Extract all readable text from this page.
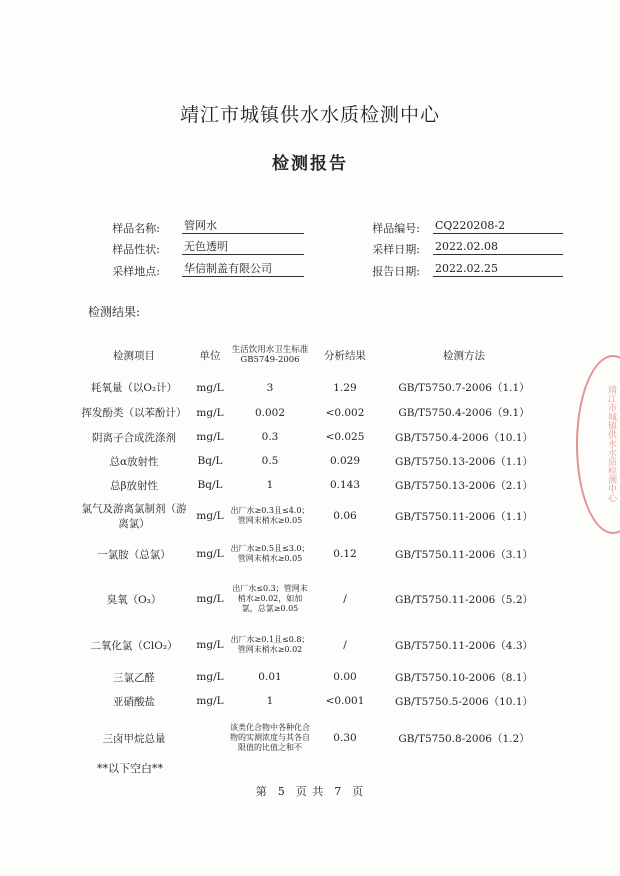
靖江市城镇供水水质检测中心
检测报告
样品名称: 管网水	样品编号: CQ220208-2
样品性状: 无色透明	采样日期: 2022.02.08
采样地点: 华信制盖有限公司	报告日期: 2022.02.25
检测结果:
检测项目	单位	生活饮用水卫生标准GB5749-2006	分析结果	检测方法
耗氧量（以O₂计）	mg/L	3	1.29	GB/T5750.7-2006（1.1）
挥发酚类（以苯酚计）	mg/L	0.002	<0.002	GB/T5750.4-2006（9.1）
阴离子合成洗涤剂	mg/L	0.3	<0.025	GB/T5750.4-2006（10.1）
总α放射性	Bq/L	0.5	0.029	GB/T5750.13-2006（1.1）
总β放射性	Bq/L	1	0.143	GB/T5750.13-2006（2.1）
氯气及游离氯制剂（游离氯）	mg/L	出厂水≥0.3且≤4.0；管网末梢水≥0.05	0.06	GB/T5750.11-2006（1.1）
一氯胺（总氯）	mg/L	出厂水≥0.5且≤3.0；管网末梢水≥0.05	0.12	GB/T5750.11-2006（3.1）
臭氧（O₃）	mg/L	出厂水≤0.3；管网末梢水≥0.02，如加氯，总氯≥0.05	/	GB/T5750.11-2006（5.2）
二氧化氯（ClO₂）	mg/L	出厂水≥0.1且≤0.8；管网末梢水≥0.02	/	GB/T5750.11-2006（4.3）
三氯乙醛	mg/L	0.01	0.00	GB/T5750.10-2006（8.1）
亚硝酸盐	mg/L	1	<0.001	GB/T5750.5-2006（10.1）
三卤甲烷总量		该类化合物中各种化合物的实测浓度与其各自限值的比值之和不	0.30	GB/T5750.8-2006（1.2）
**以下空白**
第 5 页 共 7 页
靖江市城镇供水水质检测中心
